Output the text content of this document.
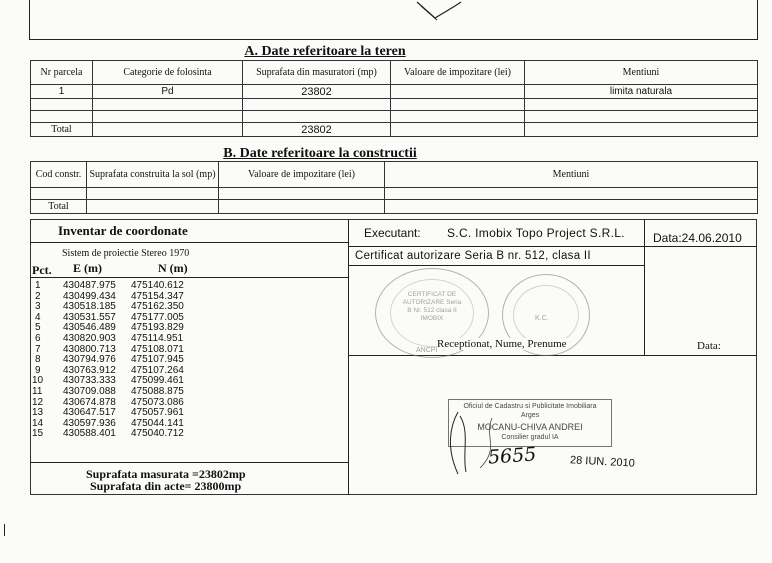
A. Date referitoare la teren
Nr parcela	Categorie de folosinta	Suprafata din masuratori (mp)	Valoare de impozitare (lei)	Mentiuni
1	Pd	23802		limita naturala

Total		23802		
B. Date referitoare la constructii
Cod constr.	Suprafata construita la sol (mp)	Valoare de impozitare (lei)	Mentiuni

Total			
Inventar de coordonate
Sistem de proiectie Stereo 1970
Pct. E (m)	N (m)
1 430487.975 475140.612
2 430499.434 475154.347
3 430518.185 475162.350
4 430531.557 475177.005
5 430546.489 475193.829
6 430820.903 475114.951
7 430800.713 475108.071
8 430794.976 475107.945
9 430763.912 475107.264
10 430733.333 475099.461
11 430709.088 475088.875
12 430674.878 475073.086
13 430647.517 475057.961
14 430597.936 475044.141
15 430588.401 475040.712
Suprafata masurata =23802mp
Suprafata din acte= 23800mp
Executant: S.C. Imobix Topo Project S.R.L. Data:24.06.2010
Certificat autorizare Seria B nr. 512, clasa II
CERTIFICAT DE AUTORIZARE Seria B Nr. 512 clasa II IMOBIX
ANCPI
K.C.
Receptionat, Nume, Prenume	Data:
Oficiul de Cadastru si Publicitate Imobiliara
Arges
MOCANU-CHIVA ANDREI
Consilier gradul IA
5655	28 IUN. 2010
